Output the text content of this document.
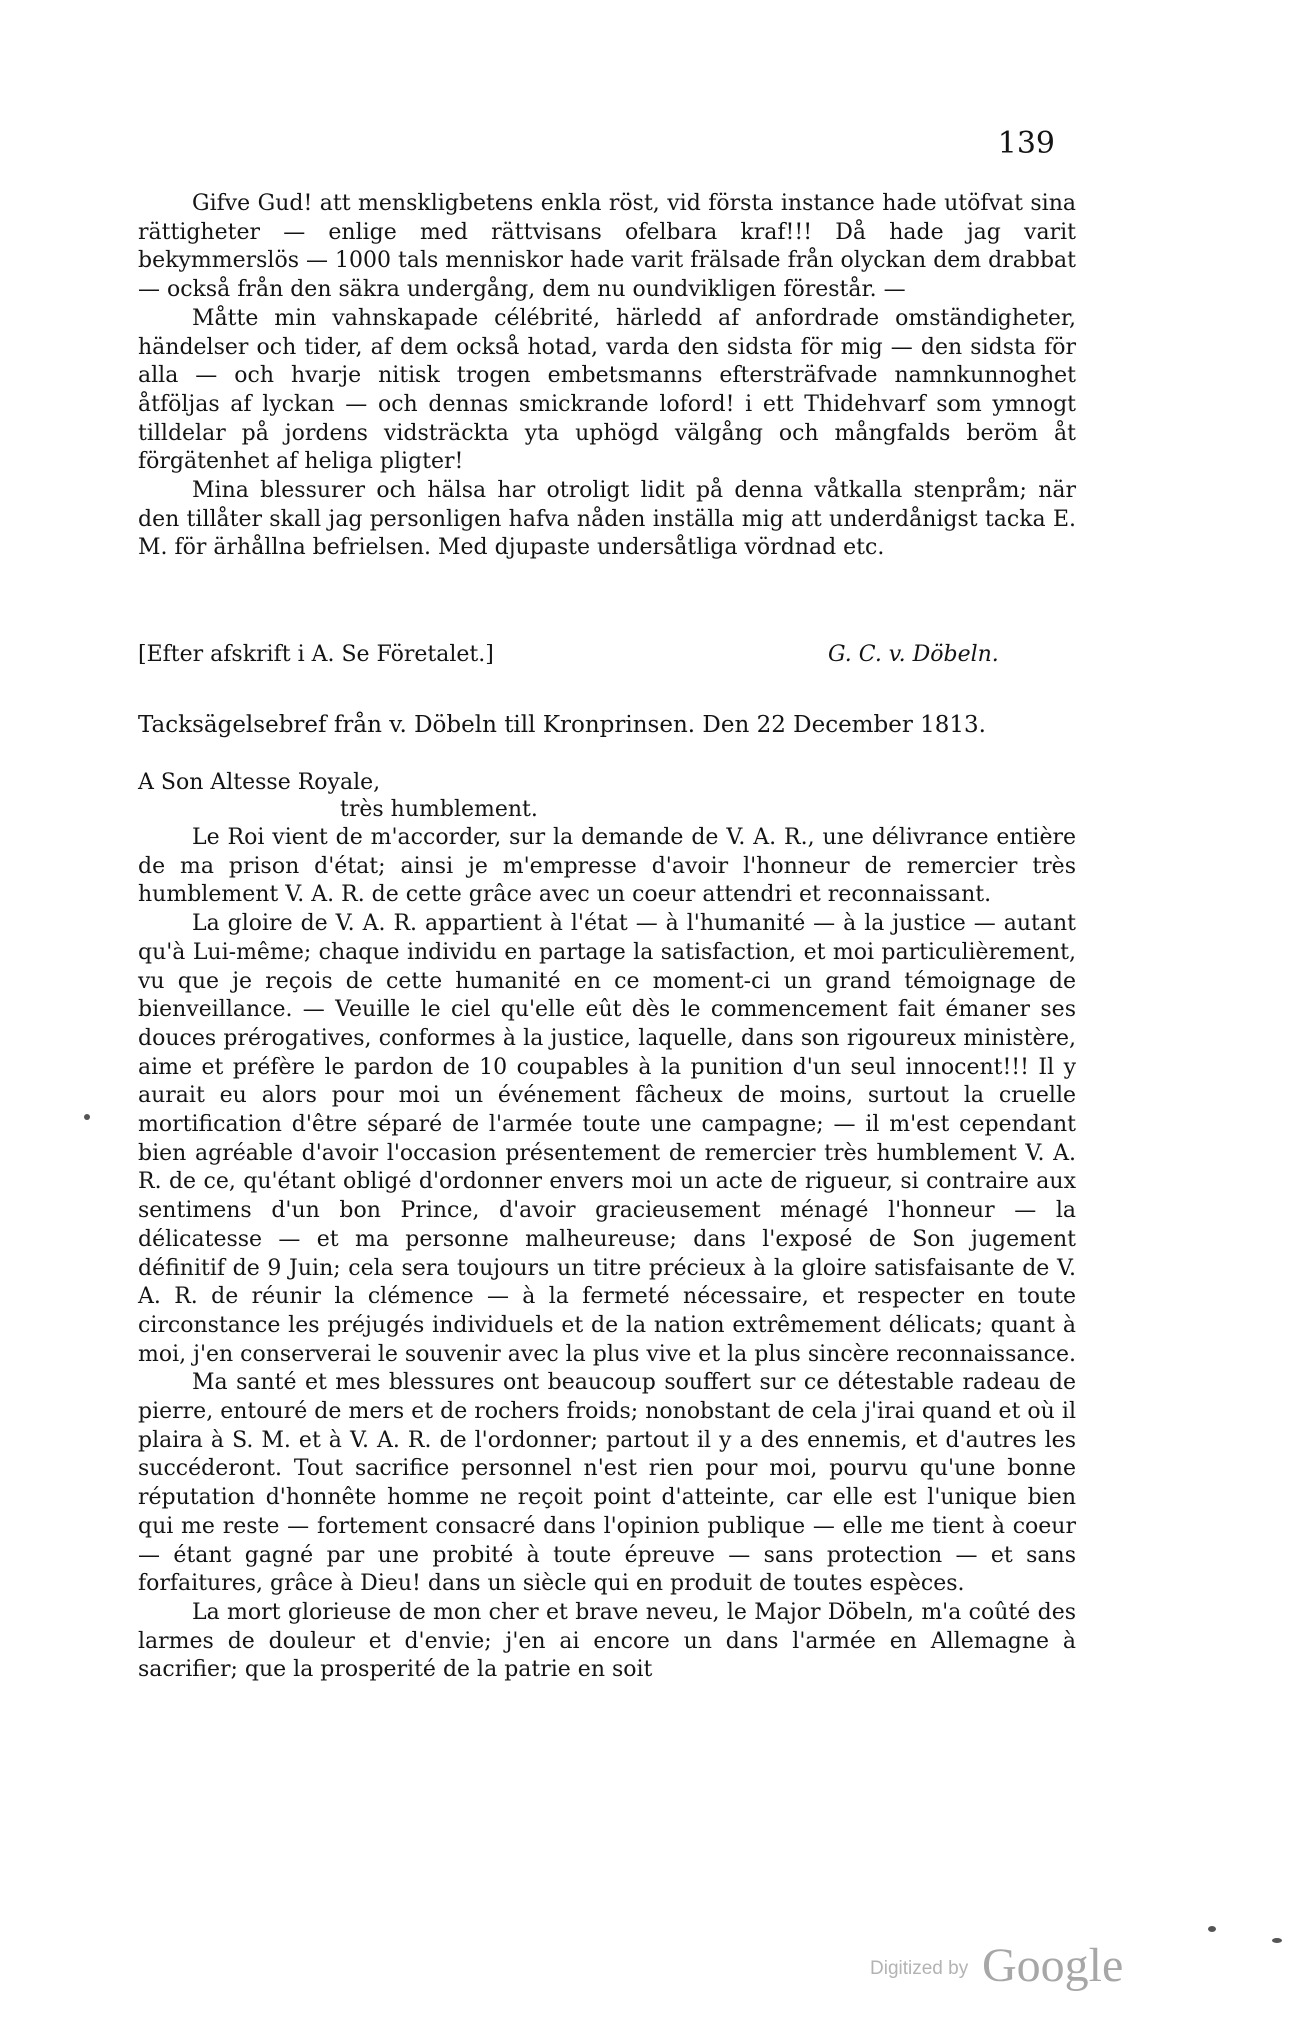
139

Gifve Gud! att menskligbetens enkla röst, vid första instance hade utöfvat sina rättigheter — enlige med rättvisans ofelbara kraf!!! Då hade jag varit bekymmerslös — 1000 tals menniskor hade varit frälsade från olyckan dem drabbat — också från den säkra undergång, dem nu oundvikligen förestår. —

Måtte min vahnskapade célébrité, härledd af anfordrade omständigheter, händelser och tider, af dem också hotad, varda den sidsta för mig — den sidsta för alla — och hvarje nitisk trogen embetsmanns eftersträfvade namnkunnoghet åtföljas af lyckan — och dennas smickrande loford! i ett Thidehvarf som ymnogt tilldelar på jordens vidsträckta yta uphögd välgång och mångfalds beröm åt förgätenhet af heliga pligter!

Mina blessurer och hälsa har otroligt lidit på denna våtkalla stenpråm; när den tillåter skall jag personligen hafva nåden inställa mig att underdånigst tacka E. M. för ärhållna befrielsen. Med djupaste undersåtliga vördnad etc.

[Efter afskrift i A. Se Företalet.]	G. C. v. Döbeln.
Tacksägelsebref från v. Döbeln till Kronprinsen. Den 22 December 1813.
A Son Altesse Royale,
très humblement.

Le Roi vient de m'accorder, sur la demande de V. A. R., une délivrance entière de ma prison d'état; ainsi je m'empresse d'avoir l'honneur de remercier très humblement V. A. R. de cette grâce avec un coeur attendri et reconnaissant.

La gloire de V. A. R. appartient à l'état — à l'humanité — à la justice — autant qu'à Lui-même; chaque individu en partage la satisfaction, et moi particulièrement, vu que je reçois de cette humanité en ce moment-ci un grand témoignage de bienveillance. — Veuille le ciel qu'elle eût dès le commencement fait émaner ses douces prérogatives, conformes à la justice, laquelle, dans son rigoureux ministère, aime et préfère le pardon de 10 coupables à la punition d'un seul innocent!!! Il y aurait eu alors pour moi un événement fâcheux de moins, surtout la cruelle mortification d'être séparé de l'armée toute une campagne; — il m'est cependant bien agréable d'avoir l'occasion présentement de remercier très humblement V. A. R. de ce, qu'étant obligé d'ordonner envers moi un acte de rigueur, si contraire aux sentimens d'un bon Prince, d'avoir gracieusement ménagé l'honneur — la délicatesse — et ma personne malheureuse; dans l'exposé de Son jugement définitif de 9 Juin; cela sera toujours un titre précieux à la gloire satisfaisante de V. A. R. de réunir la clémence — à la fermeté nécessaire, et respecter en toute circonstance les préjugés individuels et de la nation extrêmement délicats; quant à moi, j'en conserverai le souvenir avec la plus vive et la plus sincère reconnaissance.

Ma santé et mes blessures ont beaucoup souffert sur ce détestable radeau de pierre, entouré de mers et de rochers froids; nonobstant de cela j'irai quand et où il plaira à S. M. et à V. A. R. de l'ordonner; partout il y a des ennemis, et d'autres les succéderont. Tout sacrifice personnel n'est rien pour moi, pourvu qu'une bonne réputation d'honnête homme ne reçoit point d'atteinte, car elle est l'unique bien qui me reste — fortement consacré dans l'opinion publique — elle me tient à coeur — étant gagné par une probité à toute épreuve — sans protection — et sans forfaitures, grâce à Dieu! dans un siècle qui en produit de toutes espèces.

La mort glorieuse de mon cher et brave neveu, le Major Döbeln, m'a coûté des larmes de douleur et d'envie; j'en ai encore un dans l'armée en Allemagne à sacrifier; que la prosperité de la patrie en soit

Digitized by Google
